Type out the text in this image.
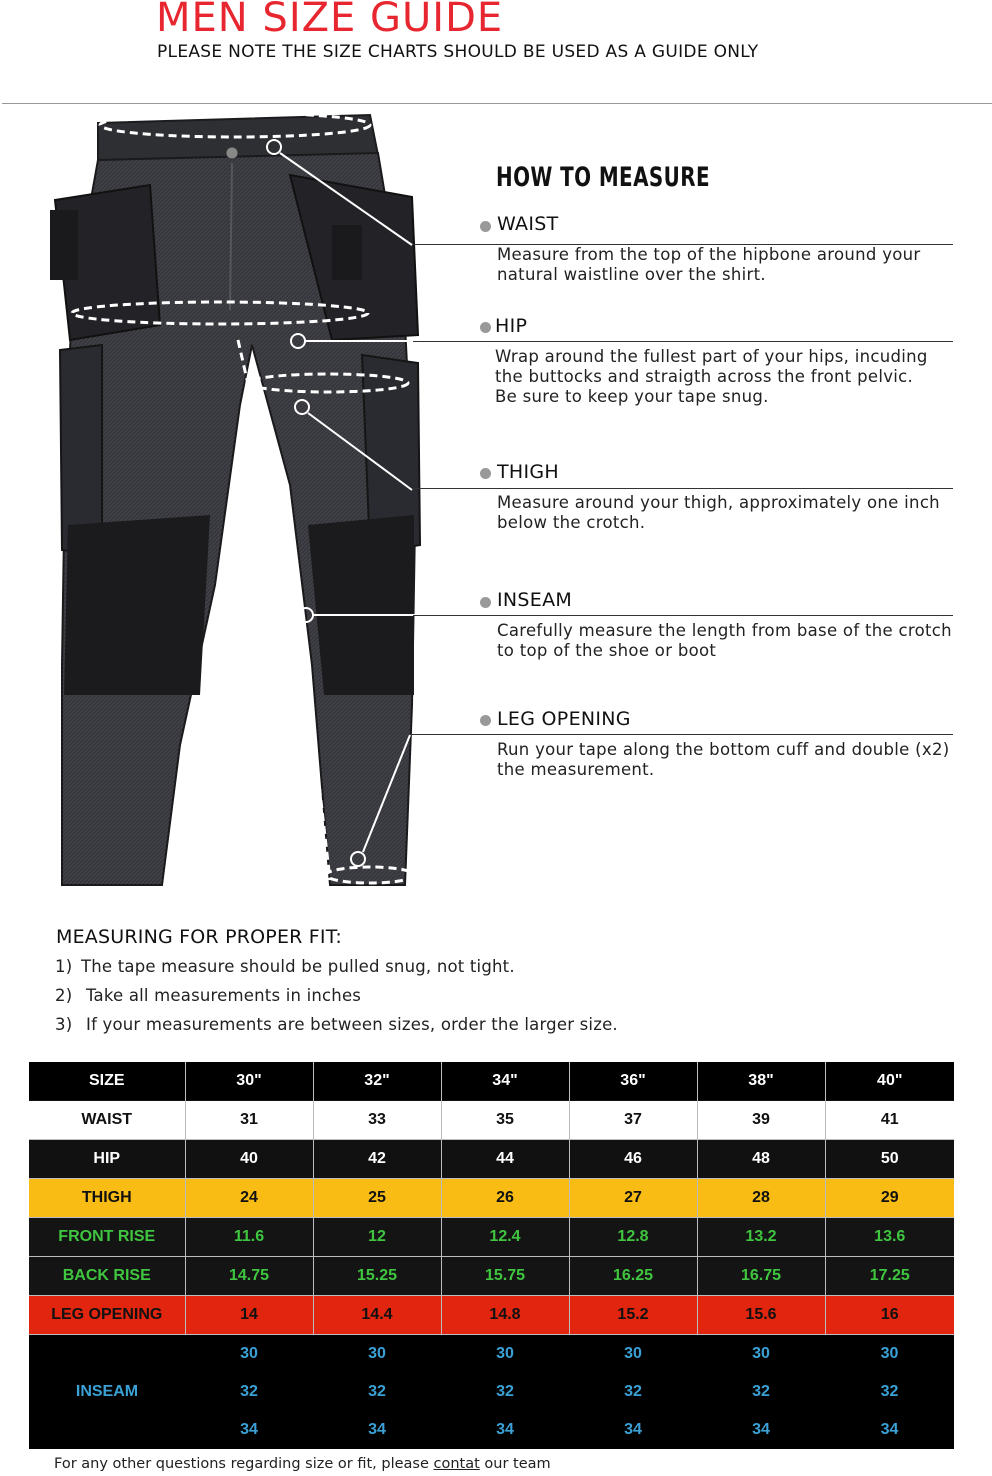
MEN SIZE GUIDE
PLEASE NOTE THE SIZE CHARTS SHOULD BE USED AS A GUIDE ONLY
HOW TO MEASURE
WAIST
Measure from the top of the hipbone around your natural waistline over the shirt.
HIP
Wrap around the fullest part of your hips, incuding the buttocks and straigth across the front pelvic. Be sure to keep your tape snug.
THIGH
Measure around your thigh, approximately one inch below the crotch.
INSEAM
Carefully measure the length from base of the crotch to top of the shoe or boot
LEG OPENING
Run your tape along the bottom cuff and double (x2) the measurement.
MEASURING FOR PROPER FIT:
1) The tape measure should be pulled snug, not tight.
2) Take all measurements in inches
3) If your measurements are between sizes, order the larger size.
SIZE	30"	32"	34"	36"	38"	40"
WAIST	31	33	35	37	39	41
HIP	40	42	44	46	48	50
THIGH	24	25	26	27	28	29
FRONT RISE	11.6	12	12.4	12.8	13.2	13.6
BACK RISE	14.75	15.25	15.75	16.25	16.75	17.25
LEG OPENING	14	14.4	14.8	15.2	15.6	16
INSEAM	30	30	30	30	30	30
	32	32	32	32	32	32
	34	34	34	34	34	34
For any other questions regarding size or fit, please contat our team
